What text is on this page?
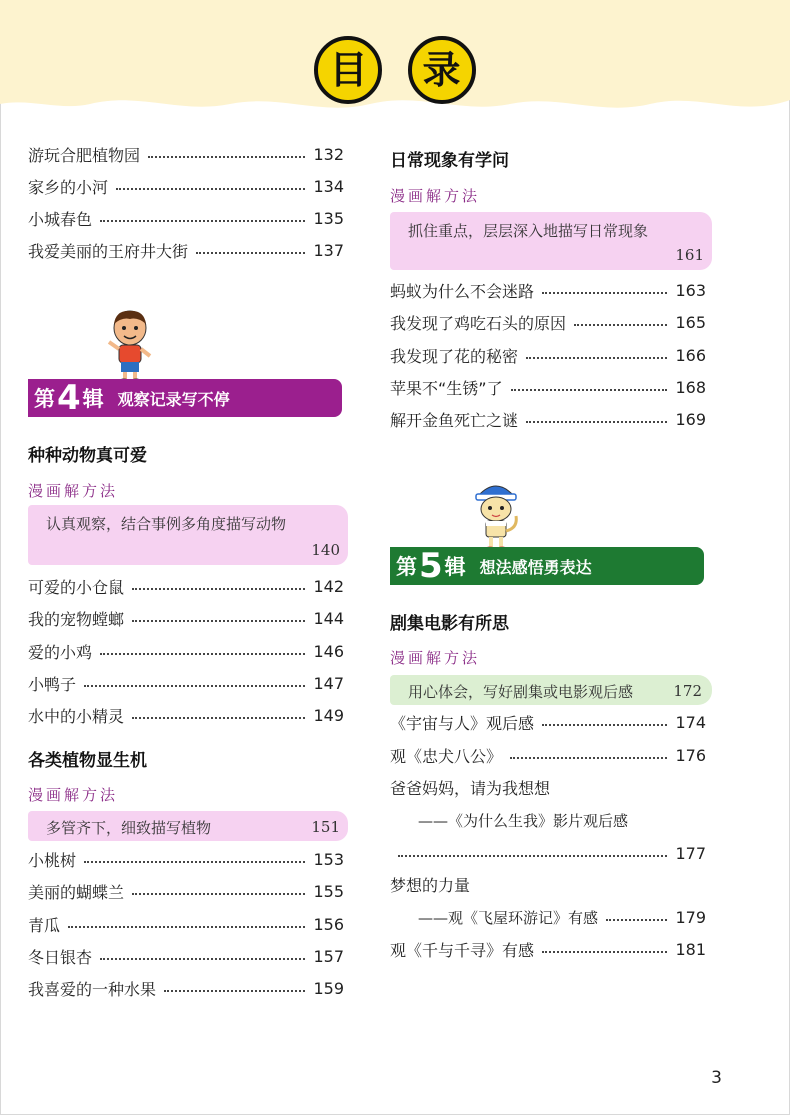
目 录
游玩合肥植物园	132
家乡的小河	134
小城春色	135
我爱美丽的王府井大街	137
第 4 辑 观察记录写不停
种种动物真可爱
漫画解方法
认真观察，结合事例多角度描写动物
140
可爱的小仓鼠	142
我的宠物螳螂	144
爱的小鸡	146
小鸭子	147
水中的小精灵	149
各类植物显生机
漫画解方法
多管齐下，细致描写植物	151
小桃树	153
美丽的蝴蝶兰	155
青瓜	156
冬日银杏	157
我喜爱的一种水果	159
日常现象有学问
漫画解方法
抓住重点，层层深入地描写日常现象
161
蚂蚁为什么不会迷路	163
我发现了鸡吃石头的原因	165
我发现了花的秘密	166
苹果不“生锈”了	168
解开金鱼死亡之谜	169
第 5 辑 想法感悟勇表达
剧集电影有所思
漫画解方法
用心体会，写好剧集或电影观后感	172
《宇宙与人》观后感	174
观《忠犬八公》	176
爸爸妈妈，请为我想想
——《为什么生我》影片观后感
177
梦想的力量
——观《飞屋环游记》有感	179
观《千与千寻》有感	181
3
